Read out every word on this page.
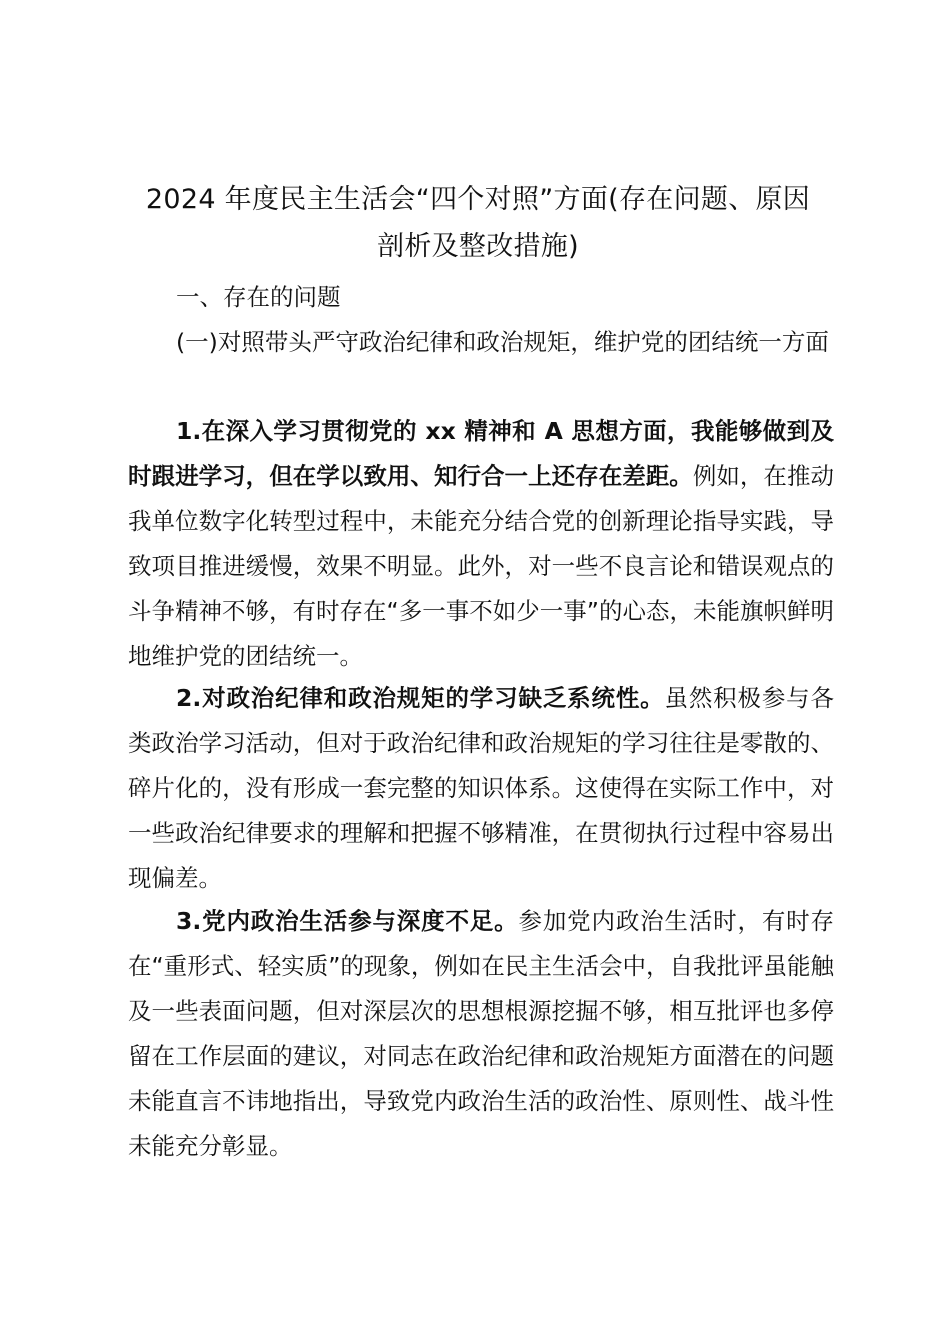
2024 年度民主生活会“四个对照”方面(存在问题、原因
剖析及整改措施)

一、存在的问题

(一)对照带头严守政治纪律和政治规矩，维护党的团结统一方面

1.在深入学习贯彻党的 xx 精神和 A 思想方面，我能够做到及时跟进学习，但在学以致用、知行合一上还存在差距。例如，在推动我单位数字化转型过程中，未能充分结合党的创新理论指导实践，导致项目推进缓慢，效果不明显。此外，对一些不良言论和错误观点的斗争精神不够，有时存在“多一事不如少一事”的心态，未能旗帜鲜明地维护党的团结统一。

2.对政治纪律和政治规矩的学习缺乏系统性。虽然积极参与各类政治学习活动，但对于政治纪律和政治规矩的学习往往是零散的、碎片化的，没有形成一套完整的知识体系。这使得在实际工作中，对一些政治纪律要求的理解和把握不够精准，在贯彻执行过程中容易出现偏差。

3.党内政治生活参与深度不足。参加党内政治生活时，有时存在“重形式、轻实质”的现象，例如在民主生活会中，自我批评虽能触及一些表面问题，但对深层次的思想根源挖掘不够，相互批评也多停留在工作层面的建议，对同志在政治纪律和政治规矩方面潜在的问题未能直言不讳地指出，导致党内政治生活的政治性、原则性、战斗性未能充分彰显。
